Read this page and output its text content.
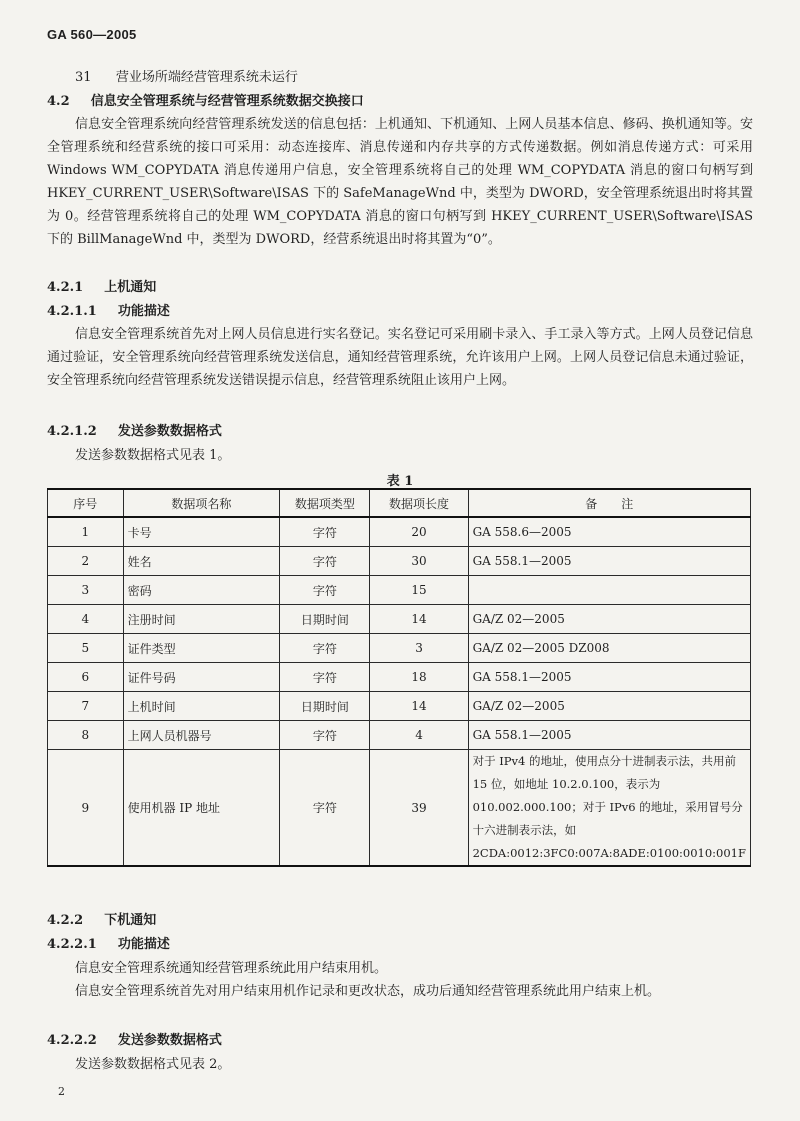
GA 560—2005
31 营业场所端经营管理系统未运行
4.2 信息安全管理系统与经营管理系统数据交换接口

信息安全管理系统向经营管理系统发送的信息包括：上机通知、下机通知、上网人员基本信息、修码、换机通知等。安全管理系统和经营系统的接口可采用：动态连接库、消息传递和内存共享的方式传递数据。例如消息传递方式：可采用 Windows WM_COPYDATA 消息传递用户信息，安全管理系统将自己的处理 WM_COPYDATA 消息的窗口句柄写到 HKEY_CURRENT_USER\Software\ISAS 下的 SafeManageWnd 中，类型为 DWORD，安全管理系统退出时将其置为 0。经营管理系统将自己的处理 WM_COPYDATA 消息的窗口句柄写到 HKEY_CURRENT_USER\Software\ISAS 下的 BillManageWnd 中，类型为 DWORD，经营系统退出时将其置为“0”。

4.2.1 上机通知
4.2.1.1 功能描述

信息安全管理系统首先对上网人员信息进行实名登记。实名登记可采用刷卡录入、手工录入等方式。上网人员登记信息通过验证，安全管理系统向经营管理系统发送信息，通知经营管理系统，允许该用户上网。上网人员登记信息未通过验证，安全管理系统向经营管理系统发送错误提示信息，经营管理系统阻止该用户上网。

4.2.1.2 发送参数数据格式
发送参数数据格式见表 1。
表 1
序号	数据项名称	数据项类型	数据项长度	备　　注
1	卡号	字符	20	GA 558.6—2005
2	姓名	字符	30	GA 558.1—2005
3	密码	字符	15	
4	注册时间	日期时间	14	GA/Z 02—2005
5	证件类型	字符	3	GA/Z 02—2005 DZ008
6	证件号码	字符	18	GA 558.1—2005
7	上机时间	日期时间	14	GA/Z 02—2005
8	上网人员机器号	字符	4	GA 558.1—2005
9	使用机器 IP 地址	字符	39	对于 IPv4 的地址，使用点分十进制表示法，共用前 15 位，如地址 10.2.0.100，表示为 010.002.000.100；对于 IPv6 的地址，采用冒号分十六进制表示法，如 2CDA:0012:3FC0:007A:8ADE:0100:0010:001F
4.2.2 下机通知
4.2.2.1 功能描述
信息安全管理系统通知经营管理系统此用户结束用机。

信息安全管理系统首先对用户结束用机作记录和更改状态，成功后通知经营管理系统此用户结束上机。

4.2.2.2 发送参数数据格式
发送参数数据格式见表 2。
2
